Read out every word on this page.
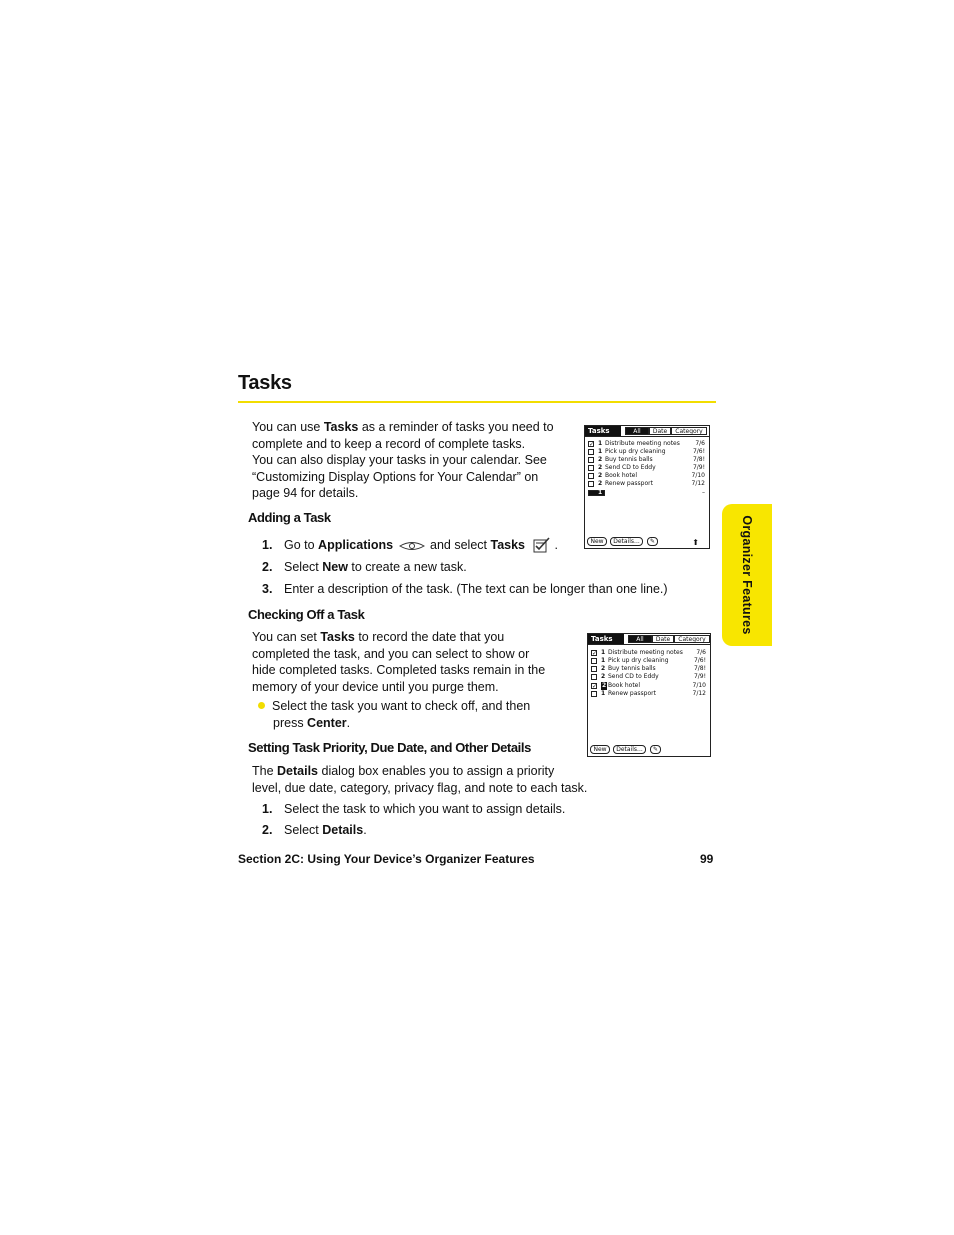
Tasks

You can use Tasks as a reminder of tasks you need to
complete and to keep a record of complete tasks.
You can also display your tasks in your calendar. See
“Customizing Display Options for Your Calendar” on
page 94 for details.

Adding a Task
1. Go to Applications	and select Tasks .
2. Select New to create a new task.
3. Enter a description of the task. (The text can be longer than one line.)
Checking Off a Task

You can set Tasks to record the date that you
completed the task, and you can select to show or
hide completed tasks. Completed tasks remain in the
memory of your device until you purge them.

Select the task you want to check off, and then
press Center.
Setting Task Priority, Due Date, and Other Details

The Details dialog box enables you to assign a priority
level, due date, category, privacy flag, and note to each task.

1. Select the task to which you want to assign details.
2. Select Details.
Section 2C: Using Your Device’s Organizer Features	99
Organizer Features
Tasks	All	Date	Category
✓ 1 Distribute meeting notes	7/6
1 Pick up dry cleaning	7/6!
2 Buy tennis balls	7/8!
2 Send CD to Eddy	7/9!
2 Book hotel	7/10
2 Renew passport	7/12
1	–
New	Details...	✎	⬆
Tasks	All	Date	Category
✓ 1 Distribute meeting notes 7/6
1 Pick up dry cleaning	7/6!
2 Buy tennis balls	7/8!
2 Send CD to Eddy	7/9!
✓ 2 Book hotel	7/10
1 Renew passport	7/12
New	Details...	✎
